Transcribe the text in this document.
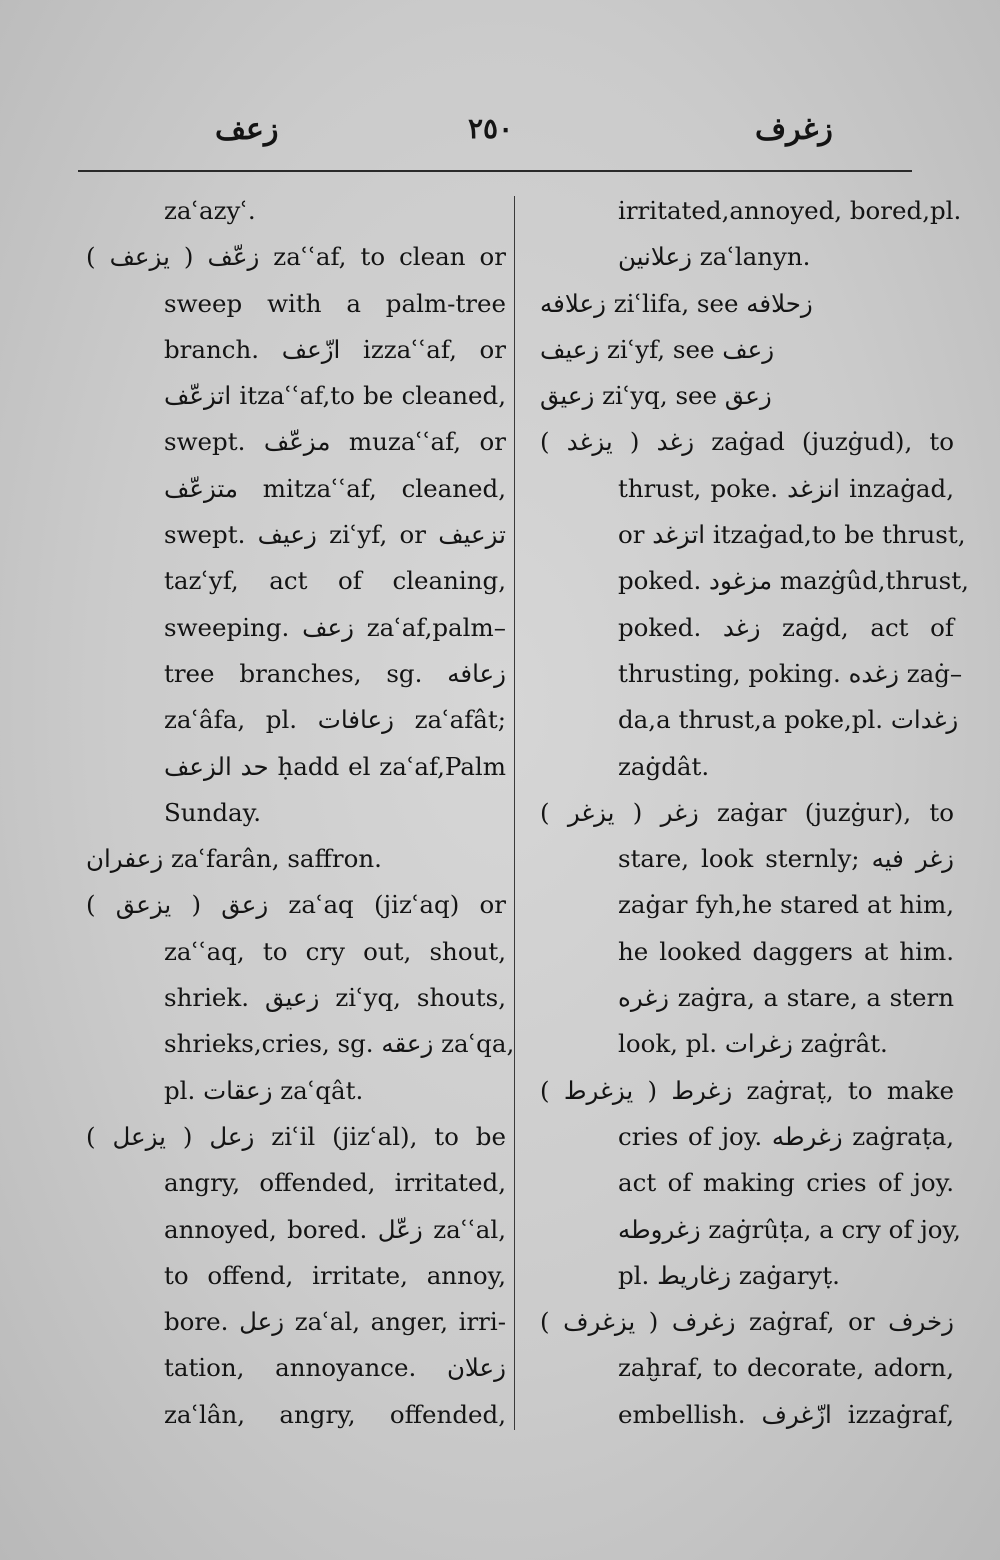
زعف	٢٥٠	زغرف
zaʿazyʿ.
زعّف ( يزعف ) zaʿʿaf, to clean or
sweep with a palm-tree
branch. ازّعف izzaʿʿaf, or
اتزعّف itzaʿʿaf,to be cleaned,
swept. مزعّف muzaʿʿaf, or
متزعّف mitzaʿʿaf, cleaned,
swept. زعيف ziʿyf, or تزعيف
tazʿyf, act of cleaning,
sweeping. زعف zaʿaf,palm–
tree branches, sg. زعافه
zaʿâfa, pl. زعافات zaʿafât;
حد الزعف ḥadd el zaʿaf,Palm
Sunday.
زعفران zaʿfarân, saffron.
زعق ( يزعق ) zaʿaq (jizʿaq) or
zaʿʿaq, to cry out, shout,
shriek. زعيق ziʿyq, shouts,
shrieks,cries, sg. زعقه zaʿqa,
pl. زعقات zaʿqât.
زعل ( يزعل ) ziʿil (jizʿal), to be
angry, offended, irritated,
annoyed, bored. زعّل zaʿʿal,
to offend, irritate, annoy,
bore. زعل zaʿal, anger, irri-
tation, annoyance. زعلان
zaʿlân, angry, offended,
irritated,annoyed, bored,pl.
زعلانين zaʿlanyn.
زعلافه ziʿlifa, see زحلافه
زعيف ziʿyf, see زعف
زعيق ziʿyq, see زعق
زغد ( يزغد ) zaġad (juzġud), to
thrust, poke. انزغد inzaġad,
or اتزغد itzaġad,to be thrust,
poked. مزغود mazġûd,thrust,
poked. زغد zaġd, act of
thrusting, poking. زغده zaġ–
da,a thrust,a poke,pl. زغدات
zaġdât.
زغر ( يزغر ) zaġar (juzġur), to
stare, look sternly; زغر فيه
zaġar fyh,he stared at him,
he looked daggers at him.
زغره zaġra, a stare, a stern
look, pl. زغرات zaġrât.
زغرط ( يزغرط ) zaġraṭ, to make
cries of joy. زغرطه zaġraṭa,
act of making cries of joy.
زغروطه zaġrûṭa, a cry of joy,
pl. زغاريط zaġaryṭ.
زغرف ( يزغرف ) zaġraf, or زخرف
zaḫraf, to decorate, adorn,
embellish. ازّغرف izzaġraf,
